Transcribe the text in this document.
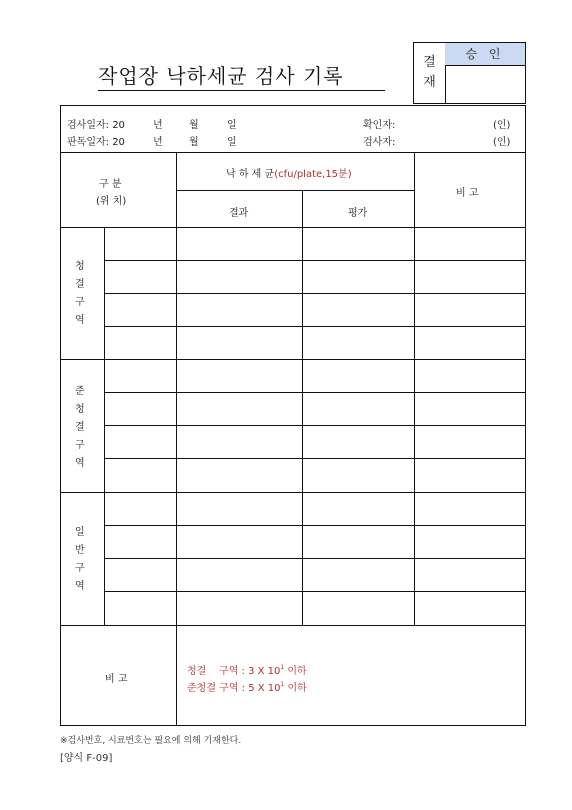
작업장 낙하세균 검사 기록
결
재
승 인
검사일자: 20	년	월	일	확인자:	(인)
판독일자: 20	년	월	일	검사자:	(인)
구 분
(위 치)
낙 하 세 균(cfu/plate,15분)
결과	평가
비 고
청
결
구
역
준
청
결
구
역
일
반
구
역
비 고
청결    구역 : 3 X $10^1$ 이하
준청결 구역 : 5 X $10^1$ 이하
※검사번호, 시료번호는 필요에 의해 기재한다.
[양식 F-09]
